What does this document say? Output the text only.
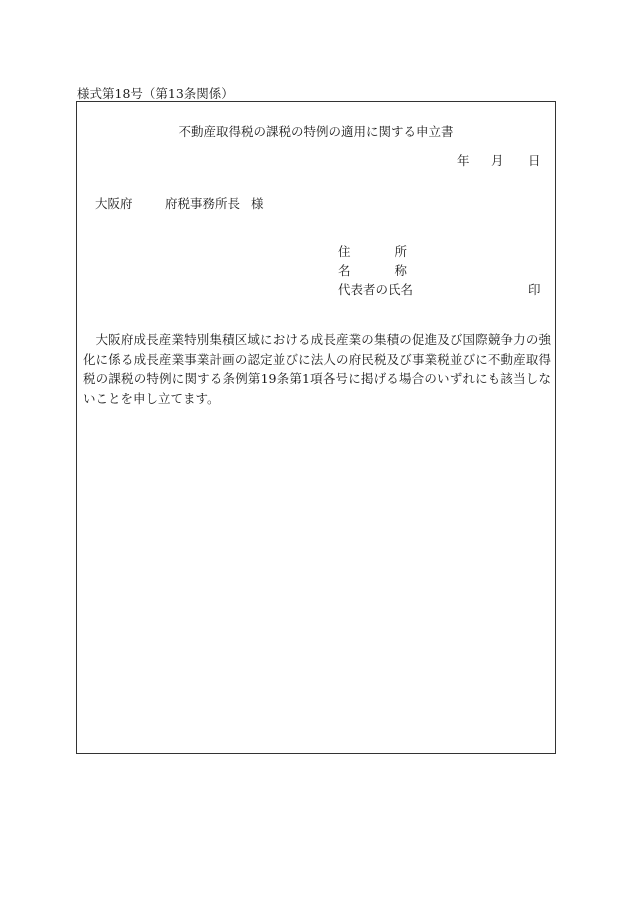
様式第18号（第13条関係）
不動産取得税の課税の特例の適用に関する申立書
年 月 日
大阪府	府税事務所長 様
住	所
名	称
代表者の氏名	印

大阪府成長産業特別集積区域における成長産業の集積の促進及び国際競争力の強化に係る成長産業事業計画の認定並びに法人の府民税及び事業税並びに不動産取得税の課税の特例に関する条例第19条第1項各号に掲げる場合のいずれにも該当しないことを申し立てます。
